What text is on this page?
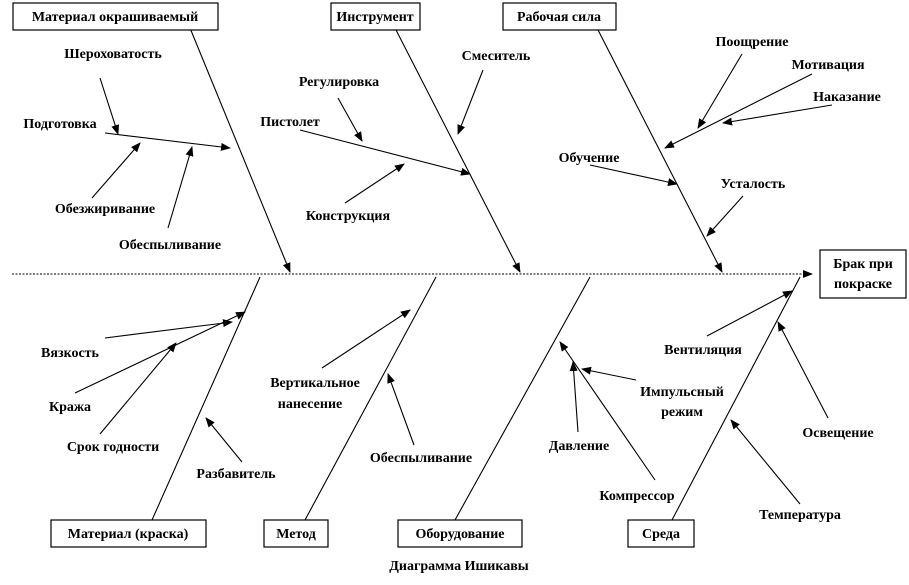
Материал окрашиваемый	Инструмент	Рабочая сила
Брак при
покраске
Материал (краска)	Метод	Оборудование	Среда
Шероховатость
Подготовка
Обезжиривание
Обеспыливание
Регулировка
Смеситель
Пистолет
Конструкция
Поощрение
Мотивация
Наказание
Обучение
Усталость
Вязкость
Кража
Срок годности
Разбавитель
Вертикальное
нанесение
Обеспыливание
Импульсный
режим
Давление
Компрессор
Вентиляция
Освещение
Температура
Диаграмма Ишикавы
